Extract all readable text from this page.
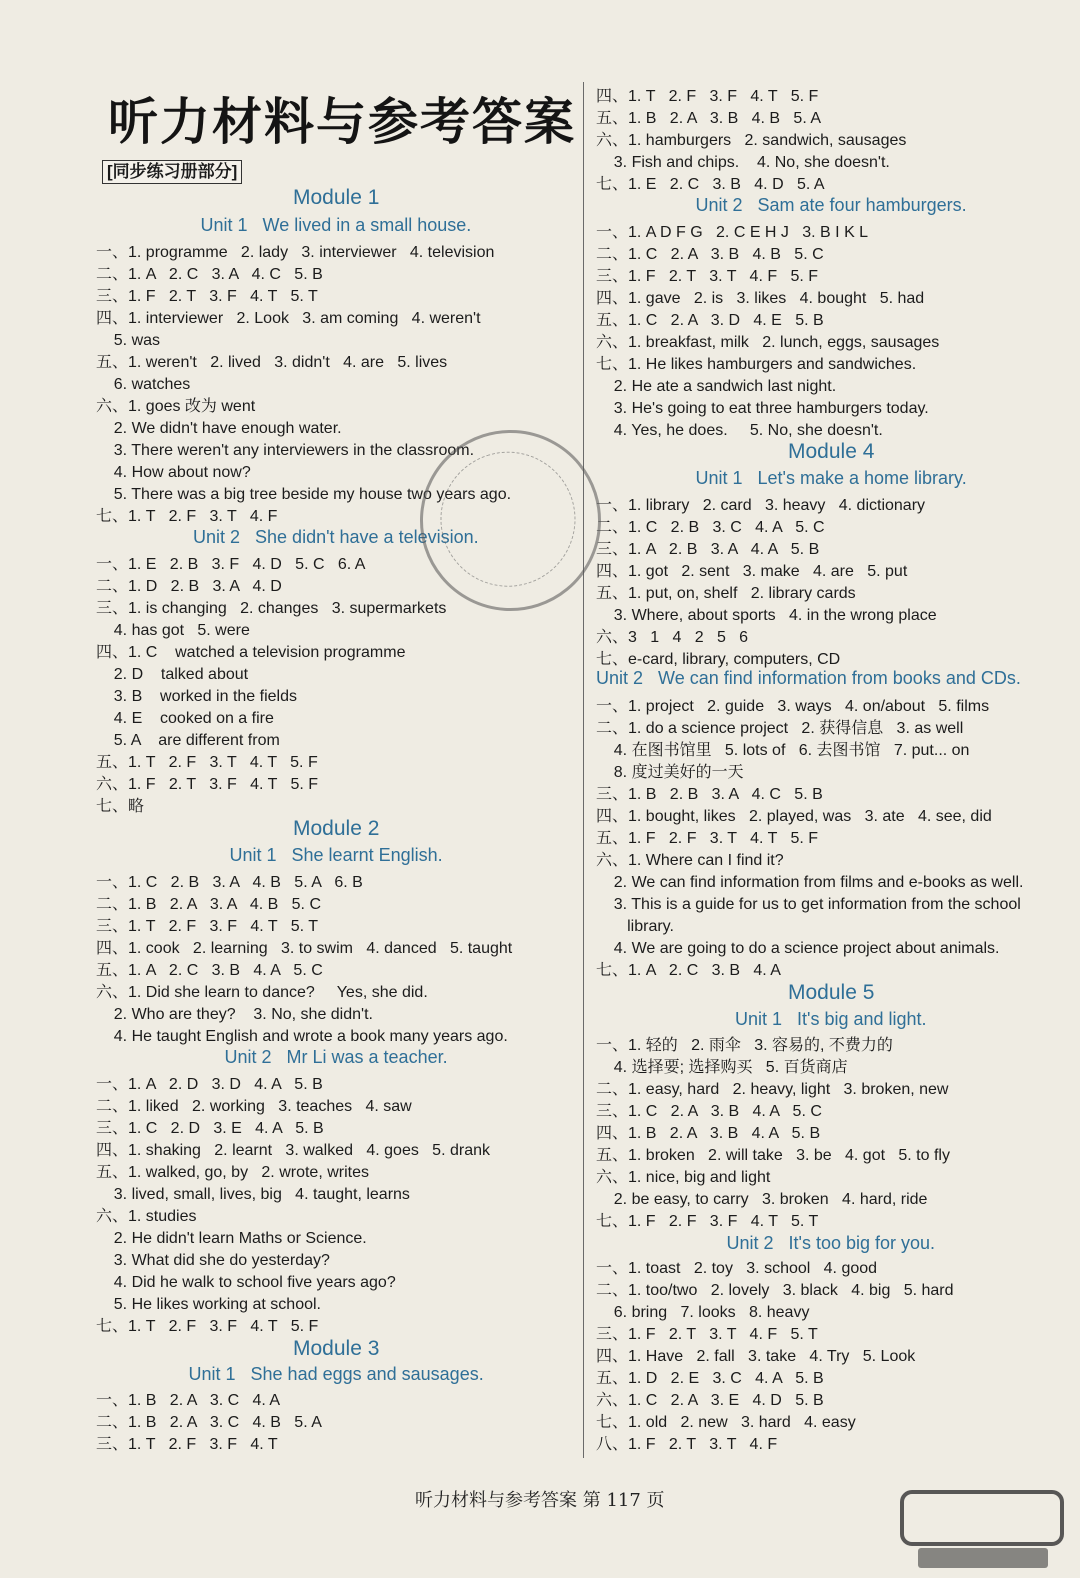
听力材料与参考答案
[同步练习册部分]
Module 1
Unit 1   We lived in a small house.
一、1. programme   2. lady   3. interviewer   4. television
二、1. A   2. C   3. A   4. C   5. B
三、1. F   2. T   3. F   4. T   5. T
四、1. interviewer   2. Look   3. am coming   4. weren't
5. was
五、1. weren't   2. lived   3. didn't   4. are   5. lives
6. watches
六、1. goes 改为 went
2. We didn't have enough water.
3. There weren't any interviewers in the classroom.
4. How about now?
5. There was a big tree beside my house two years ago.
七、1. T   2. F   3. T   4. F
Unit 2   She didn't have a television.
一、1. E   2. B   3. F   4. D   5. C   6. A
二、1. D   2. B   3. A   4. D
三、1. is changing   2. changes   3. supermarkets
4. has got   5. were
四、1. C    watched a television programme
2. D    talked about
3. B    worked in the fields
4. E    cooked on a fire
5. A    are different from
五、1. T   2. F   3. T   4. T   5. F
六、1. F   2. T   3. F   4. T   5. F
七、略
Module 2
Unit 1   She learnt English.
一、1. C   2. B   3. A   4. B   5. A   6. B
二、1. B   2. A   3. A   4. B   5. C
三、1. T   2. F   3. F   4. T   5. T
四、1. cook   2. learning   3. to swim   4. danced   5. taught
五、1. A   2. C   3. B   4. A   5. C
六、1. Did she learn to dance?     Yes, she did.
2. Who are they?    3. No, she didn't.
4. He taught English and wrote a book many years ago.
Unit 2   Mr Li was a teacher.
一、1. A   2. D   3. D   4. A   5. B
二、1. liked   2. working   3. teaches   4. saw
三、1. C   2. D   3. E   4. A   5. B
四、1. shaking   2. learnt   3. walked   4. goes   5. drank
五、1. walked, go, by   2. wrote, writes
3. lived, small, lives, big   4. taught, learns
六、1. studies
2. He didn't learn Maths or Science.
3. What did she do yesterday?
4. Did he walk to school five years ago?
5. He likes working at school.
七、1. T   2. F   3. F   4. T   5. F
Module 3
Unit 1   She had eggs and sausages.
一、1. B   2. A   3. C   4. A
二、1. B   2. A   3. C   4. B   5. A
三、1. T   2. F   3. F   4. T
四、1. T   2. F   3. F   4. T   5. F
五、1. B   2. A   3. B   4. B   5. A
六、1. hamburgers   2. sandwich, sausages
3. Fish and chips.    4. No, she doesn't.
七、1. E   2. C   3. B   4. D   5. A
Unit 2   Sam ate four hamburgers.
一、1. A D F G   2. C E H J   3. B I K L
二、1. C   2. A   3. B   4. B   5. C
三、1. F   2. T   3. T   4. F   5. F
四、1. gave   2. is   3. likes   4. bought   5. had
五、1. C   2. A   3. D   4. E   5. B
六、1. breakfast, milk   2. lunch, eggs, sausages
七、1. He likes hamburgers and sandwiches.
2. He ate a sandwich last night.
3. He's going to eat three hamburgers today.
4. Yes, he does.     5. No, she doesn't.
Module 4
Unit 1   Let's make a home library.
一、1. library   2. card   3. heavy   4. dictionary
二、1. C   2. B   3. C   4. A   5. C
三、1. A   2. B   3. A   4. A   5. B
四、1. got   2. sent   3. make   4. are   5. put
五、1. put, on, shelf   2. library cards
3. Where, about sports   4. in the wrong place
六、3   1   4   2   5   6
七、e-card, library, computers, CD
Unit 2   We can find information from books and CDs.
一、1. project   2. guide   3. ways   4. on/about   5. films
二、1. do a science project   2. 获得信息   3. as well
4. 在图书馆里   5. lots of   6. 去图书馆   7. put... on
8. 度过美好的一天
三、1. B   2. B   3. A   4. C   5. B
四、1. bought, likes   2. played, was   3. ate   4. see, did
五、1. F   2. F   3. T   4. T   5. F
六、1. Where can I find it?
2. We can find information from films and e-books as well.
3. This is a guide for us to get information from the school
library.
4. We are going to do a science project about animals.
七、1. A   2. C   3. B   4. A
Module 5
Unit 1   It's big and light.
一、1. 轻的   2. 雨伞   3. 容易的, 不费力的
4. 选择要; 选择购买   5. 百货商店
二、1. easy, hard   2. heavy, light   3. broken, new
三、1. C   2. A   3. B   4. A   5. C
四、1. B   2. A   3. B   4. A   5. B
五、1. broken   2. will take   3. be   4. got   5. to fly
六、1. nice, big and light
2. be easy, to carry   3. broken   4. hard, ride
七、1. F   2. F   3. F   4. T   5. T
Unit 2   It's too big for you.
一、1. toast   2. toy   3. school   4. good
二、1. too/two   2. lovely   3. black   4. big   5. hard
6. bring   7. looks   8. heavy
三、1. F   2. T   3. T   4. F   5. T
四、1. Have   2. fall   3. take   4. Try   5. Look
五、1. D   2. E   3. C   4. A   5. B
六、1. C   2. A   3. E   4. D   5. B
七、1. old   2. new   3. hard   4. easy
八、1. F   2. T   3. T   4. F
听力材料与参考答案 第 117 页
